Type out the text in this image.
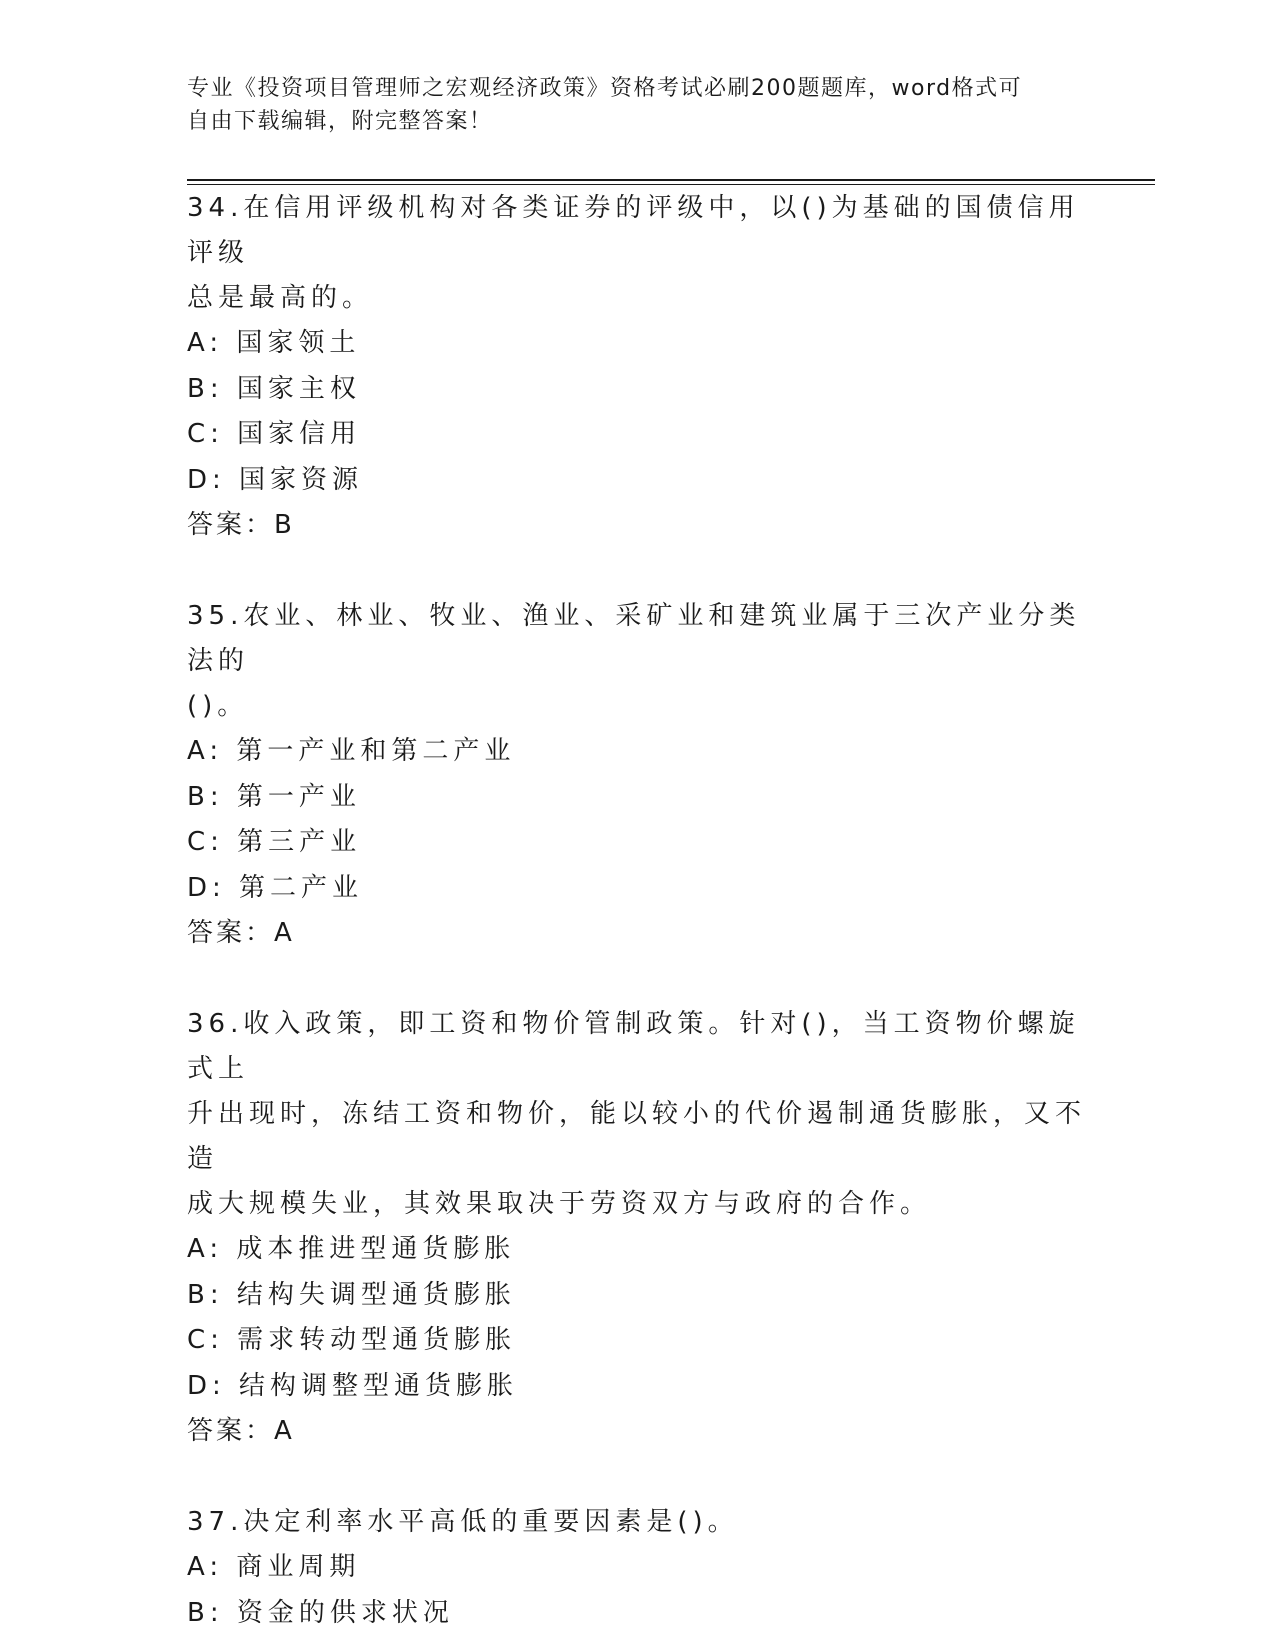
专业《投资项目管理师之宏观经济政策》资格考试必刷200题题库，word格式可
自由下载编辑，附完整答案！
34.在信用评级机构对各类证券的评级中，以()为基础的国债信用评级
总是最高的。
A: 国家领土
B: 国家主权
C: 国家信用
D: 国家资源
答案：B
35.农业、林业、牧业、渔业、采矿业和建筑业属于三次产业分类法的
()。
A: 第一产业和第二产业
B: 第一产业
C: 第三产业
D: 第二产业
答案：A
36.收入政策，即工资和物价管制政策。针对()，当工资物价螺旋式上
升出现时，冻结工资和物价，能以较小的代价遏制通货膨胀，又不造
成大规模失业，其效果取决于劳资双方与政府的合作。
A: 成本推进型通货膨胀
B: 结构失调型通货膨胀
C: 需求转动型通货膨胀
D: 结构调整型通货膨胀
答案：A
37.决定利率水平高低的重要因素是()。
A: 商业周期
B: 资金的供求状况
